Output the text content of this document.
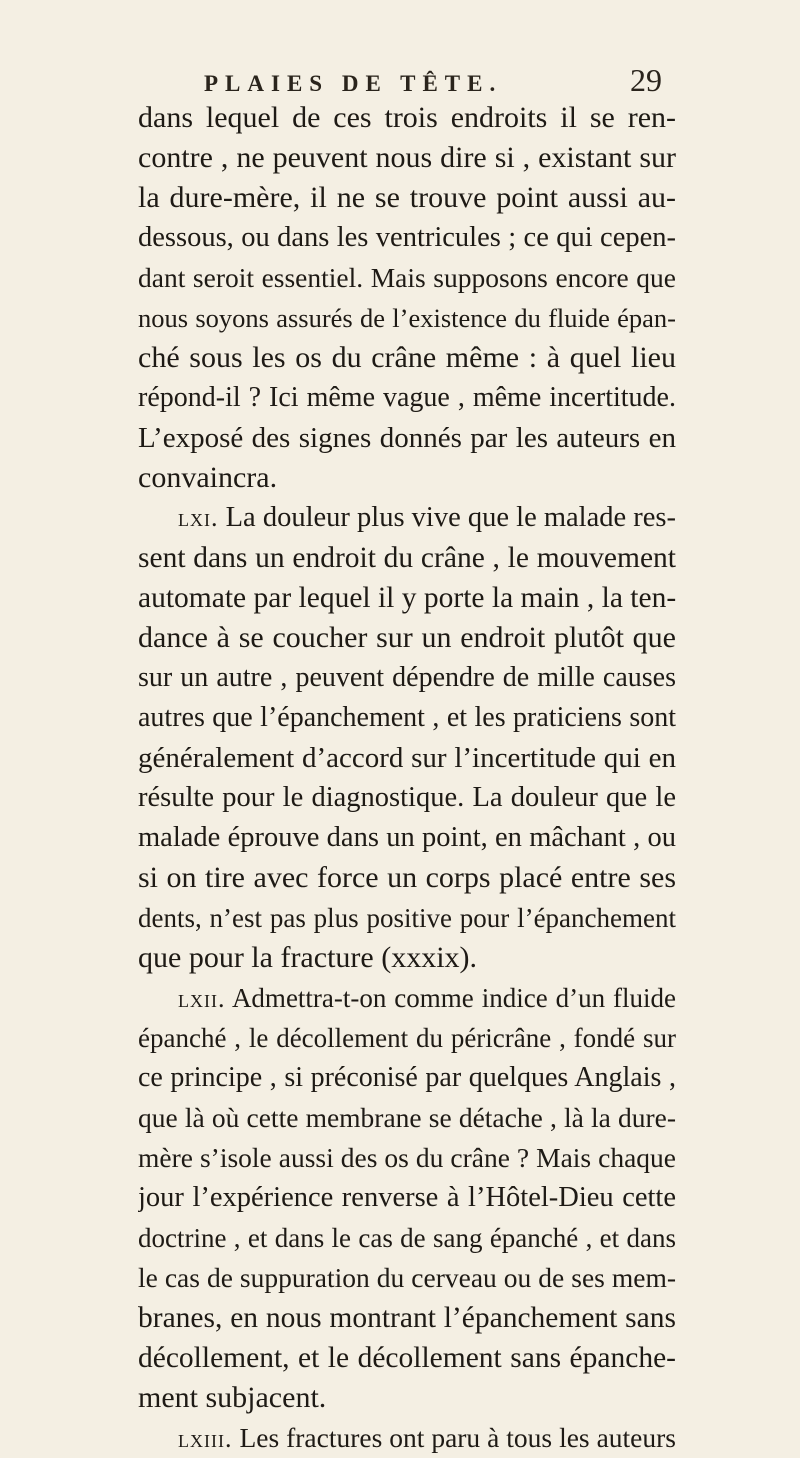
PLAIES DE TÊTE.	29
dans lequel de ces trois endroits il se ren-
contre , ne peuvent nous dire si , existant sur
la dure-mère, il ne se trouve point aussi au-
dessous, ou dans les ventricules ; ce qui cepen-
dant seroit essentiel. Mais supposons encore que
nous soyons assurés de l’existence du fluide épan-
ché sous les os du crâne même : à quel lieu
répond-il ? Ici même vague , même incertitude.
L’exposé des signes donnés par les auteurs en
convaincra.
lxi. La douleur plus vive que le malade res-
sent dans un endroit du crâne , le mouvement
automate par lequel il y porte la main , la ten-
dance à se coucher sur un endroit plutôt que
sur un autre , peuvent dépendre de mille causes
autres que l’épanchement , et les praticiens sont
généralement d’accord sur l’incertitude qui en
résulte pour le diagnostique. La douleur que le
malade éprouve dans un point, en mâchant , ou
si on tire avec force un corps placé entre ses
dents, n’est pas plus positive pour l’épanchement
que pour la fracture (xxxix).
lxii. Admettra-t-on comme indice d’un fluide
épanché , le décollement du péricrâne , fondé sur
ce principe , si préconisé par quelques Anglais ,
que là où cette membrane se détache , là la dure-
mère s’isole aussi des os du crâne ? Mais chaque
jour l’expérience renverse à l’Hôtel-Dieu cette
doctrine , et dans le cas de sang épanché , et dans
le cas de suppuration du cerveau ou de ses mem-
branes, en nous montrant l’épanchement sans
décollement, et le décollement sans épanche-
ment subjacent.
lxiii. Les fractures ont paru à tous les auteurs
